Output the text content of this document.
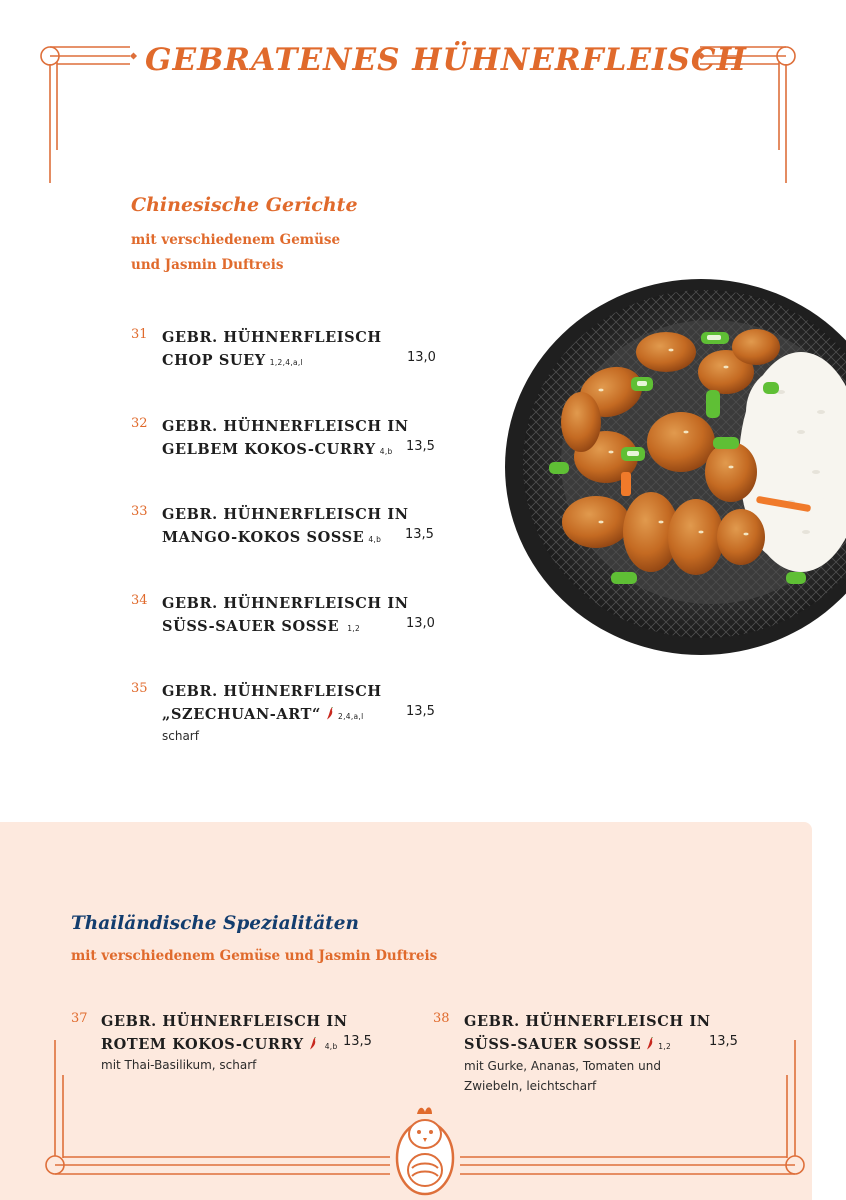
GEBRATENES HÜHNERFLEISCH
Chinesische Gerichte
mit verschiedenem Gemüse
und Jasmin Duftreis
31 GEBR. HÜHNERFLEISCH
CHOP SUEY 1,2,4,a,l	13,0
32 GEBR. HÜHNERFLEISCH IN
GELBEM KOKOS-CURRY 4,b	13,5
33 GEBR. HÜHNERFLEISCH IN
MANGO-KOKOS SOSSE 4,b	13,5
34 GEBR. HÜHNERFLEISCH IN
SÜSS-SAUER SOSSE 1,2	13,0
35 GEBR. HÜHNERFLEISCH
„SZECHUAN-ART“ 2,4,a,l	13,5
scharf
Thailändische Spezialitäten
mit verschiedenem Gemüse und Jasmin Duftreis
37 GEBR. HÜHNERFLEISCH IN
ROTEM KOKOS-CURRY	4,b 13,5
mit Thai-Basilikum, scharf
38 GEBR. HÜHNERFLEISCH IN
SÜSS-SAUER SOSSE 1,2	13,5
mit Gurke, Ananas, Tomaten und Zwiebeln, leichtscharf
